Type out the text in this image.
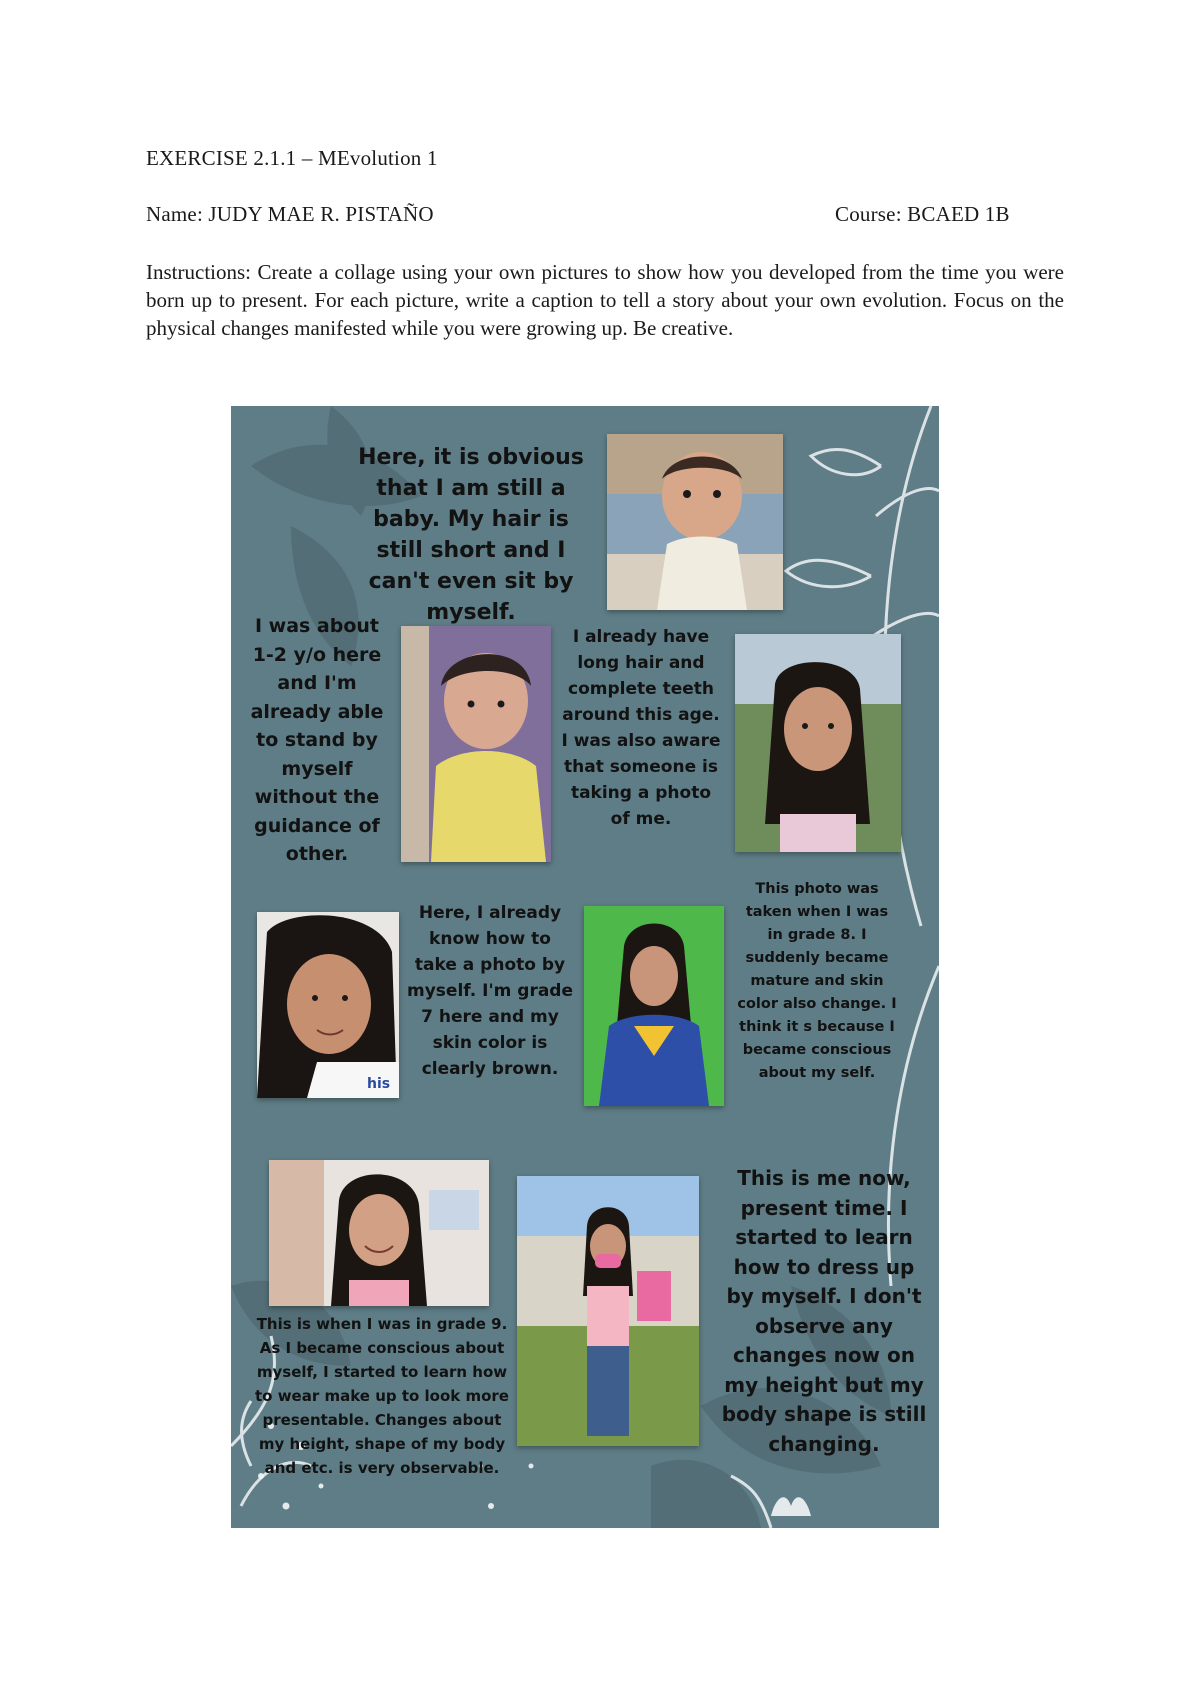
EXERCISE 2.1.1 – MEvolution 1
Name: JUDY MAE R. PISTAÑO	Course: BCAED 1B
Instructions: Create a collage using your own pictures to show how you developed from the time you were born up to present. For each picture, write a caption to tell a story about your own evolution. Focus on the physical changes manifested while you were growing up. Be creative.
his
Here, it is obvious that I am still a baby. My hair is still short and I can't even sit by myself.
I was about 1-2 y/o here and I'm already able to stand by myself without the guidance of other.
I already have long hair and complete teeth around this age. I was also aware that someone is taking a photo of me.
Here, I already know how to take a photo by myself. I'm grade 7 here and my skin color is clearly brown.
This photo was taken when I was in grade 8. I suddenly became mature and skin color also change. I think it s because I became conscious about my self.
This is when I was in grade 9. As I became conscious about myself, I started to learn how to wear make up to look more presentable. Changes about my height, shape of my body and etc. is very observable.
This is me now, present time. I started to learn how to dress up by myself. I don't observe any changes now on my height but my body shape is still changing.
